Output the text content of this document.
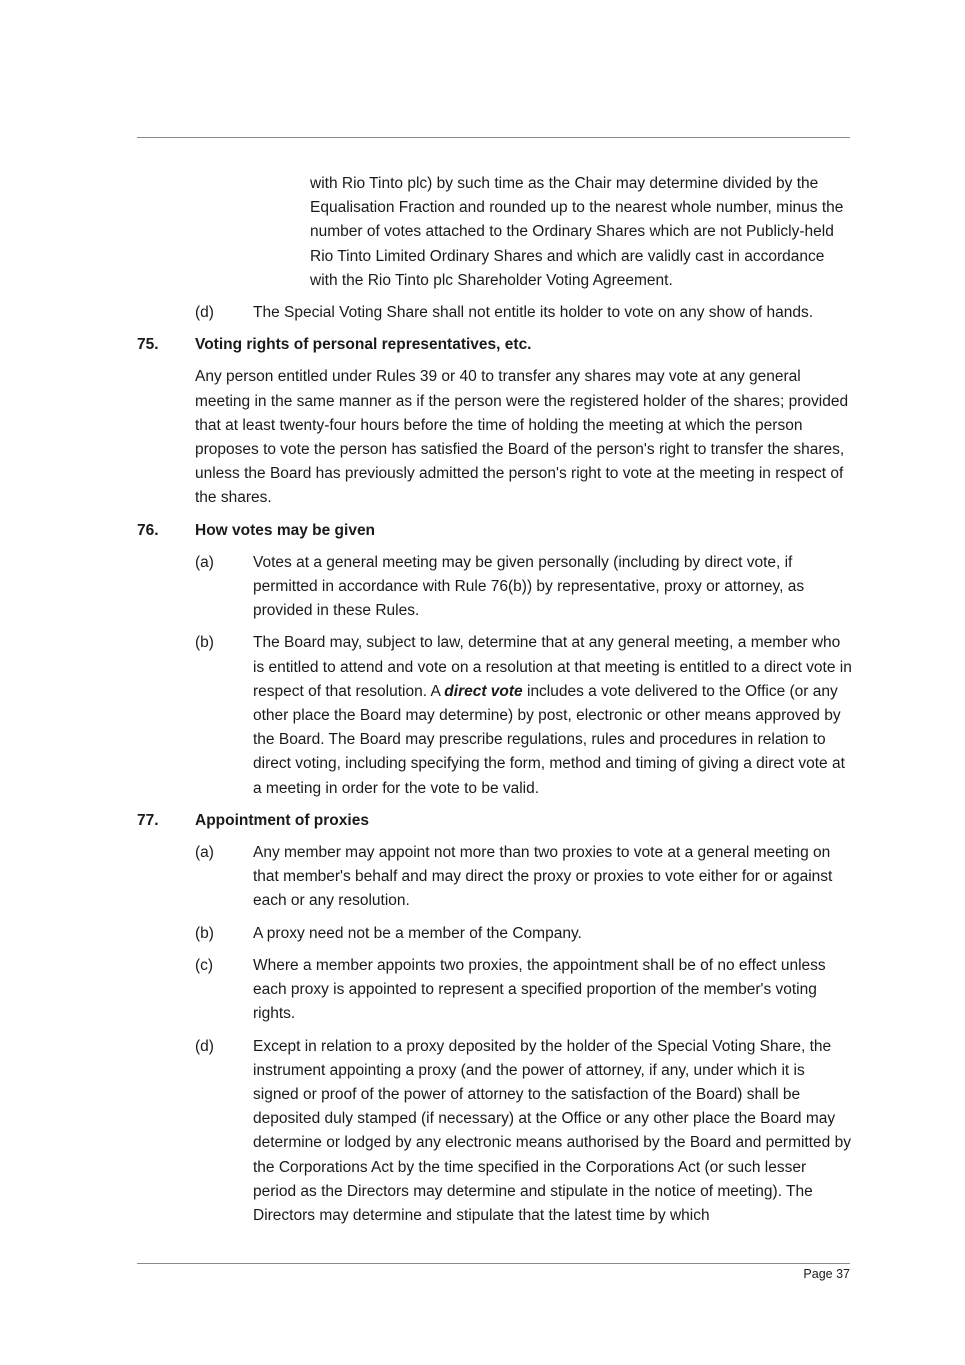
with Rio Tinto plc) by such time as the Chair may determine divided by the Equalisation Fraction and rounded up to the nearest whole number, minus the number of votes attached to the Ordinary Shares which are not Publicly-held Rio Tinto Limited Ordinary Shares and which are validly cast in accordance with the Rio Tinto plc Shareholder Voting Agreement.
(d)	The Special Voting Share shall not entitle its holder to vote on any show of hands.
75.	Voting rights of personal representatives, etc.
Any person entitled under Rules 39 or 40 to transfer any shares may vote at any general meeting in the same manner as if the person were the registered holder of the shares; provided that at least twenty-four hours before the time of holding the meeting at which the person proposes to vote the person has satisfied the Board of the person's right to transfer the shares, unless the Board has previously admitted the person's right to vote at the meeting in respect of the shares.
76.	How votes may be given
(a)	Votes at a general meeting may be given personally (including by direct vote, if permitted in accordance with Rule 76(b)) by representative, proxy or attorney, as provided in these Rules.
(b)	The Board may, subject to law, determine that at any general meeting, a member who is entitled to attend and vote on a resolution at that meeting is entitled to a direct vote in respect of that resolution. A direct vote includes a vote delivered to the Office (or any other place the Board may determine) by post, electronic or other means approved by the Board. The Board may prescribe regulations, rules and procedures in relation to direct voting, including specifying the form, method and timing of giving a direct vote at a meeting in order for the vote to be valid.
77.	Appointment of proxies
(a)	Any member may appoint not more than two proxies to vote at a general meeting on that member's behalf and may direct the proxy or proxies to vote either for or against each or any resolution.
(b)	A proxy need not be a member of the Company.
(c)	Where a member appoints two proxies, the appointment shall be of no effect unless each proxy is appointed to represent a specified proportion of the member's voting rights.
(d)	Except in relation to a proxy deposited by the holder of the Special Voting Share, the instrument appointing a proxy (and the power of attorney, if any, under which it is signed or proof of the power of attorney to the satisfaction of the Board) shall be deposited duly stamped (if necessary) at the Office or any other place the Board may determine or lodged by any electronic means authorised by the Board and permitted by the Corporations Act by the time specified in the Corporations Act (or such lesser period as the Directors may determine and stipulate in the notice of meeting). The Directors may determine and stipulate that the latest time by which
Page 37
